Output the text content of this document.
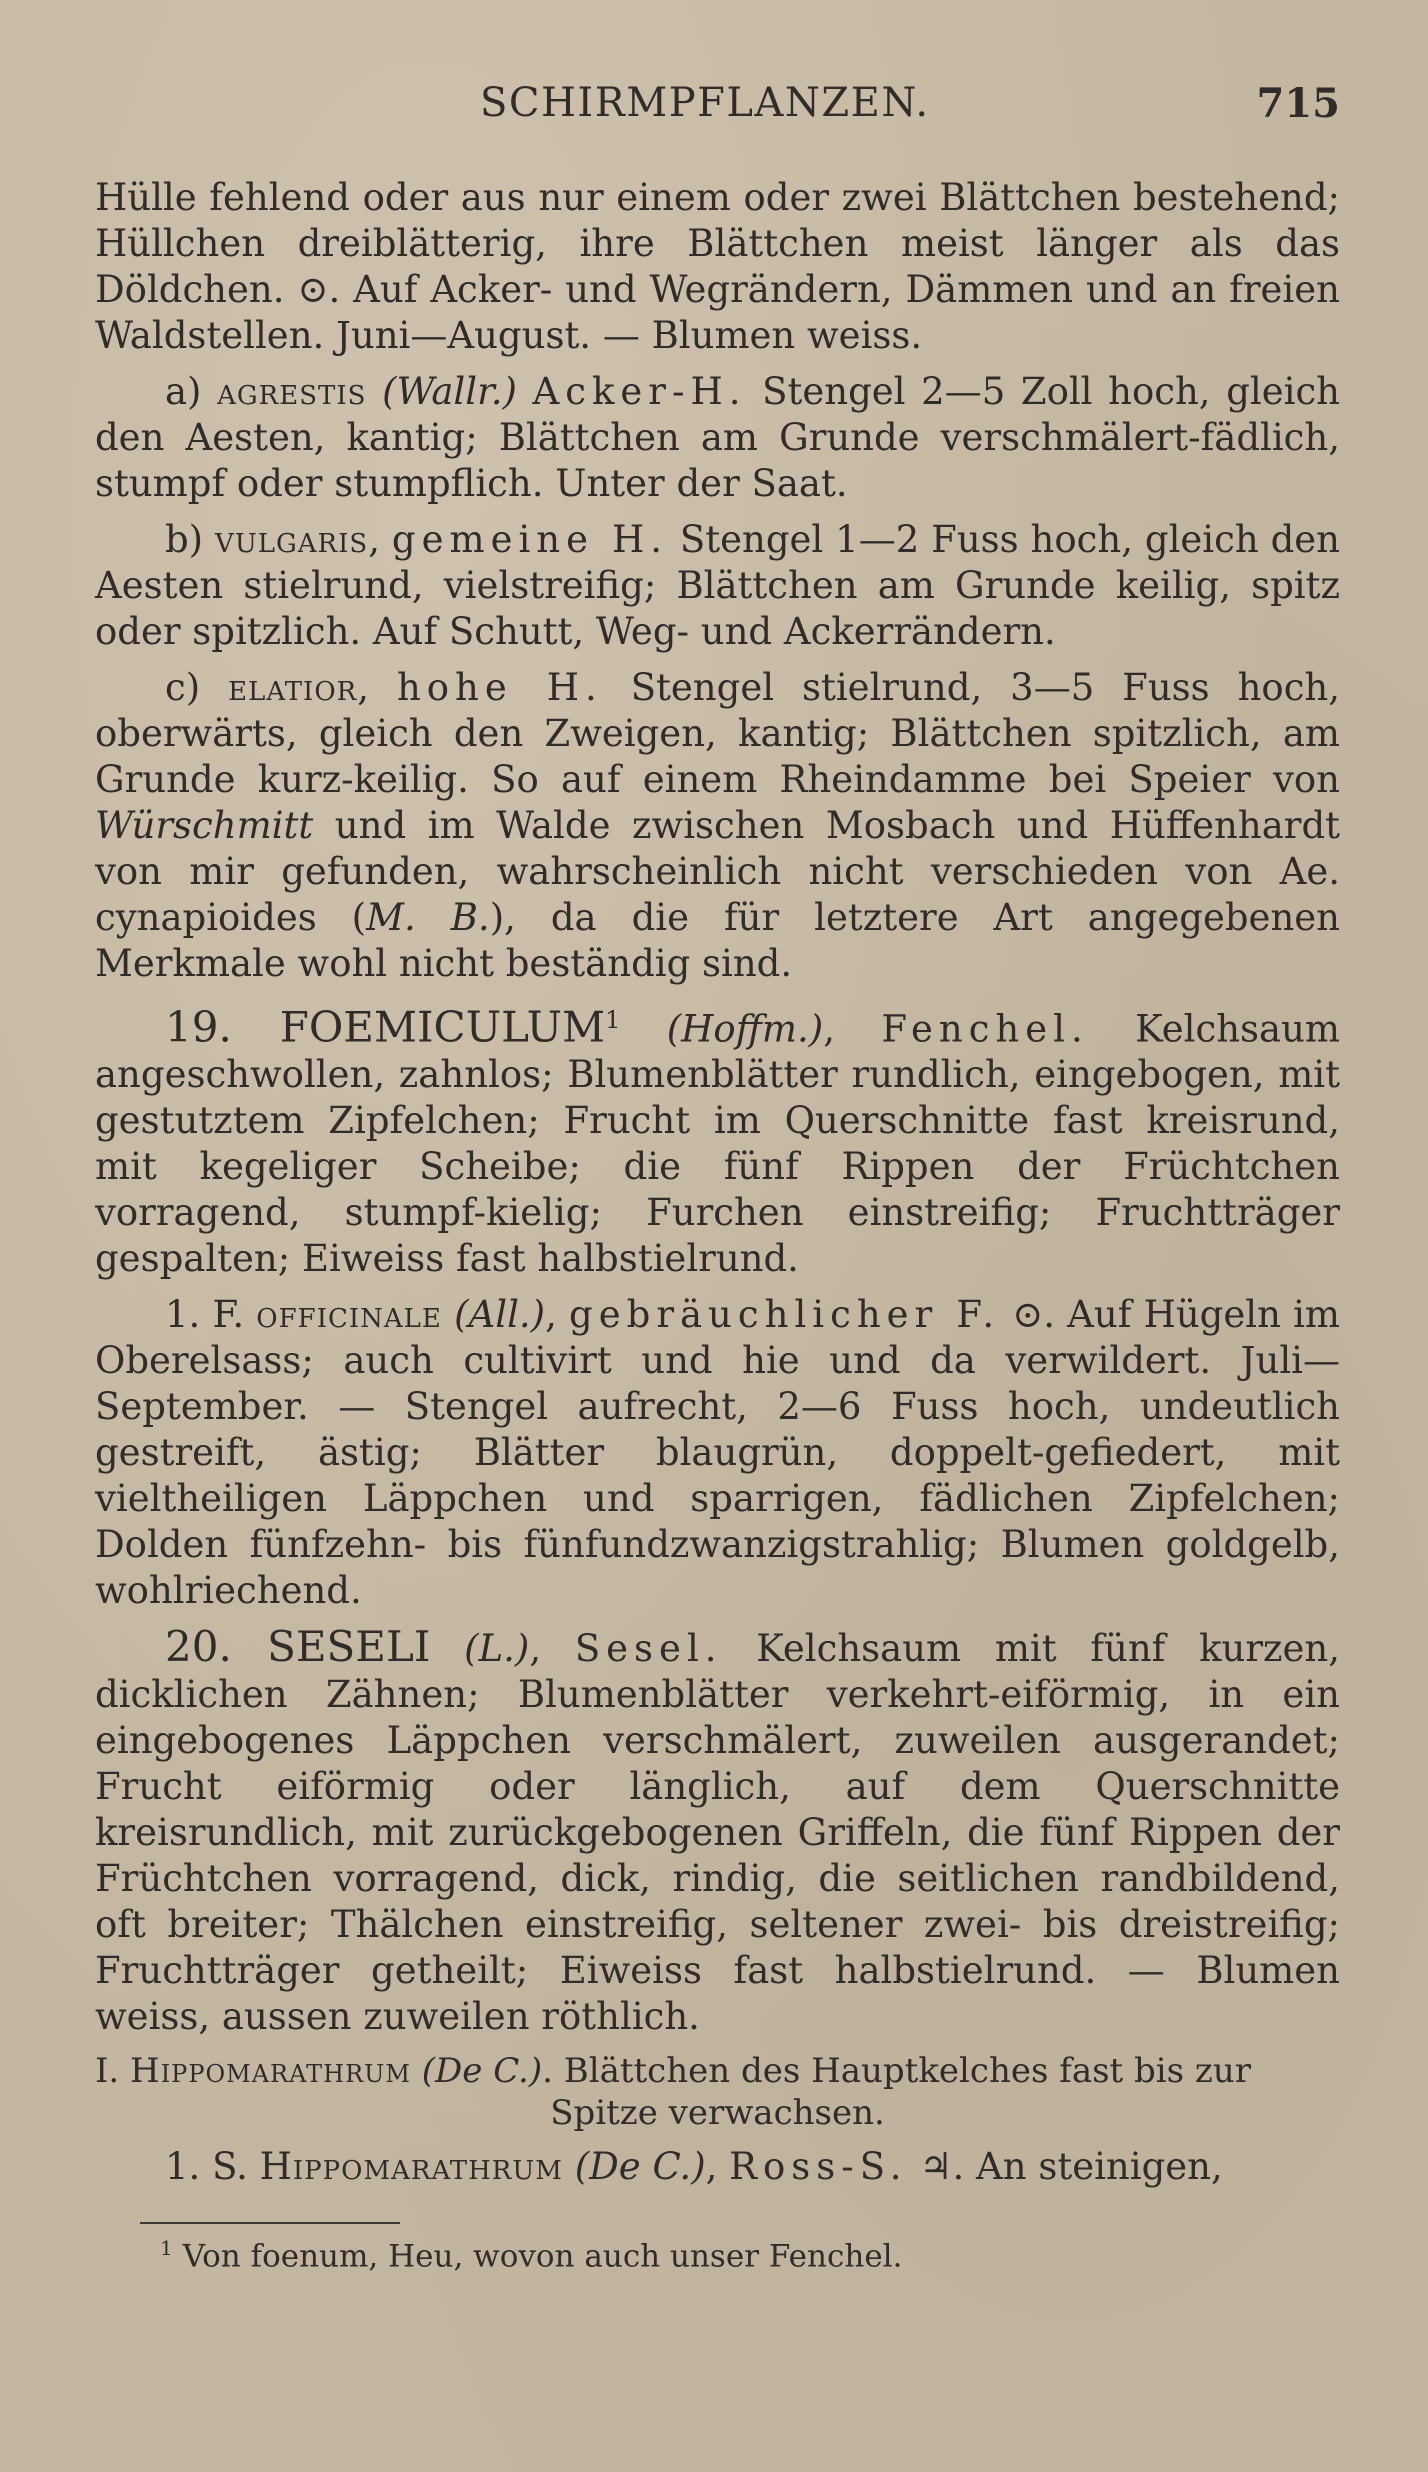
SCHIRMPFLANZEN.	715

Hülle fehlend oder aus nur einem oder zwei Blättchen bestehend; Hüllchen dreiblätterig, ihre Blättchen meist länger als das Döldchen. ⊙. Auf Acker- und Wegrändern, Dämmen und an freien Waldstellen. Juni—August. — Blumen weiss.

a) agrestis (Wallr.) Acker-H. Stengel 2—5 Zoll hoch, gleich den Aesten, kantig; Blättchen am Grunde verschmälert-fädlich, stumpf oder stumpflich. Unter der Saat.

b) vulgaris, gemeine H. Stengel 1—2 Fuss hoch, gleich den Aesten stielrund, vielstreifig; Blättchen am Grunde keilig, spitz oder spitzlich. Auf Schutt, Weg- und Ackerrändern.

c) elatior, hohe H. Stengel stielrund, 3—5 Fuss hoch, oberwärts, gleich den Zweigen, kantig; Blättchen spitzlich, am Grunde kurz-keilig. So auf einem Rheindamme bei Speier von Würschmitt und im Walde zwischen Mosbach und Hüffenhardt von mir gefunden, wahrscheinlich nicht verschieden von Ae. cynapioides (M. B.), da die für letztere Art angegebenen Merkmale wohl nicht beständig sind.

19. FOEMICULUM$^1$ (Hoffm.), Fenchel. Kelchsaum angeschwollen, zahnlos; Blumenblätter rundlich, eingebogen, mit gestutztem Zipfelchen; Frucht im Querschnitte fast kreisrund, mit kegeliger Scheibe; die fünf Rippen der Früchtchen vorragend, stumpf-kielig; Furchen einstreifig; Fruchtträger gespalten; Eiweiss fast halbstielrund.

1. F. officinale (All.), gebräuchlicher F. ⊙. Auf Hügeln im Oberelsass; auch cultivirt und hie und da verwildert. Juli—September. — Stengel aufrecht, 2—6 Fuss hoch, undeutlich gestreift, ästig; Blätter blaugrün, doppelt-gefiedert, mit vieltheiligen Läppchen und sparrigen, fädlichen Zipfelchen; Dolden fünfzehn- bis fünfundzwanzigstrahlig; Blumen goldgelb, wohlriechend.

20. SESELI (L.), Sesel. Kelchsaum mit fünf kurzen, dicklichen Zähnen; Blumenblätter verkehrt-eiförmig, in ein eingebogenes Läppchen verschmälert, zuweilen ausgerandet; Frucht eiförmig oder länglich, auf dem Querschnitte kreisrundlich, mit zurückgebogenen Griffeln, die fünf Rippen der Früchtchen vorragend, dick, rindig, die seitlichen randbildend, oft breiter; Thälchen einstreifig, seltener zwei- bis dreistreifig; Fruchtträger getheilt; Eiweiss fast halbstielrund. — Blumen weiss, aussen zuweilen röthlich.

I. Hippomarathrum (De C.). Blättchen des Hauptkelches fast bis zur
Spitze verwachsen.

1. S. Hippomarathrum (De C.), Ross-S. ♃. An steinigen,

$^1$ Von foenum, Heu, wovon auch unser Fenchel.
